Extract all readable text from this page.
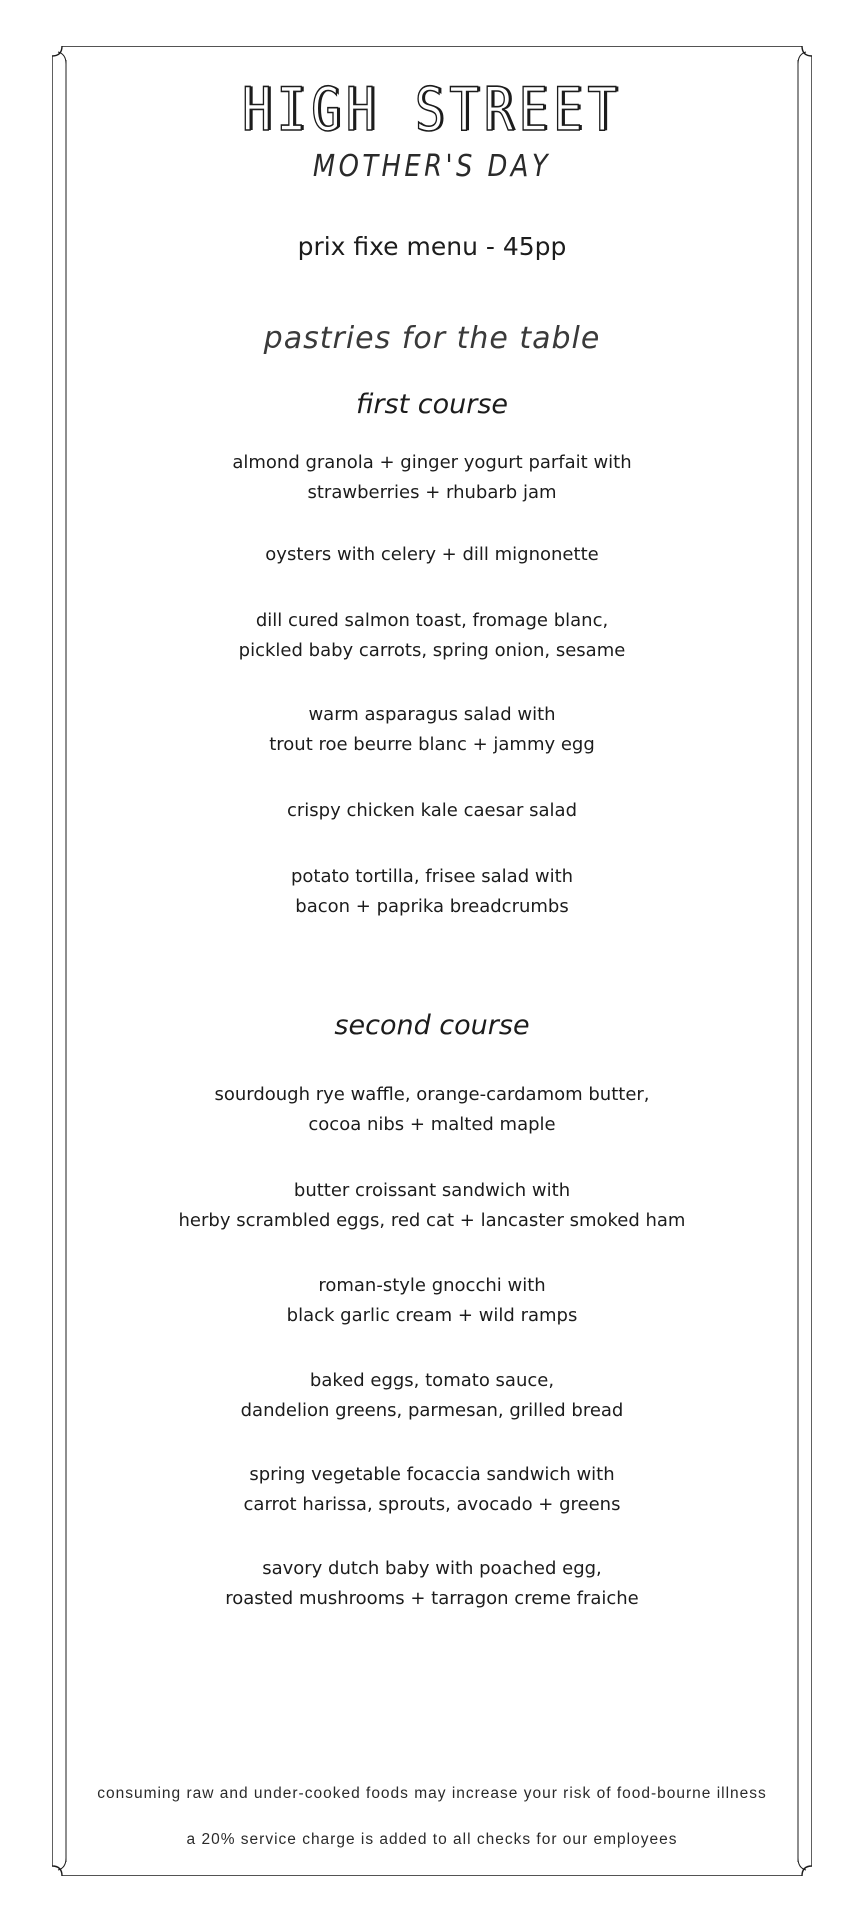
HIGH STREET
MOTHER'S DAY
prix fixe menu - 45pp
pastries for the table
first course
almond granola + ginger yogurt parfait with
strawberries + rhubarb jam
oysters with celery + dill mignonette
dill cured salmon toast, fromage blanc,
pickled baby carrots, spring onion, sesame
warm asparagus salad with
trout roe beurre blanc + jammy egg
crispy chicken kale caesar salad
potato tortilla, frisee salad with
bacon + paprika breadcrumbs
second course
sourdough rye waffle, orange-cardamom butter,
cocoa nibs + malted maple
butter croissant sandwich with
herby scrambled eggs, red cat + lancaster smoked ham
roman-style gnocchi with
black garlic cream + wild ramps
baked eggs, tomato sauce,
dandelion greens, parmesan, grilled bread
spring vegetable focaccia sandwich with
carrot harissa, sprouts, avocado + greens
savory dutch baby with poached egg,
roasted mushrooms + tarragon creme fraiche
consuming raw and under-cooked foods may increase your risk of food-bourne illness
a 20% service charge is added to all checks for our employees
